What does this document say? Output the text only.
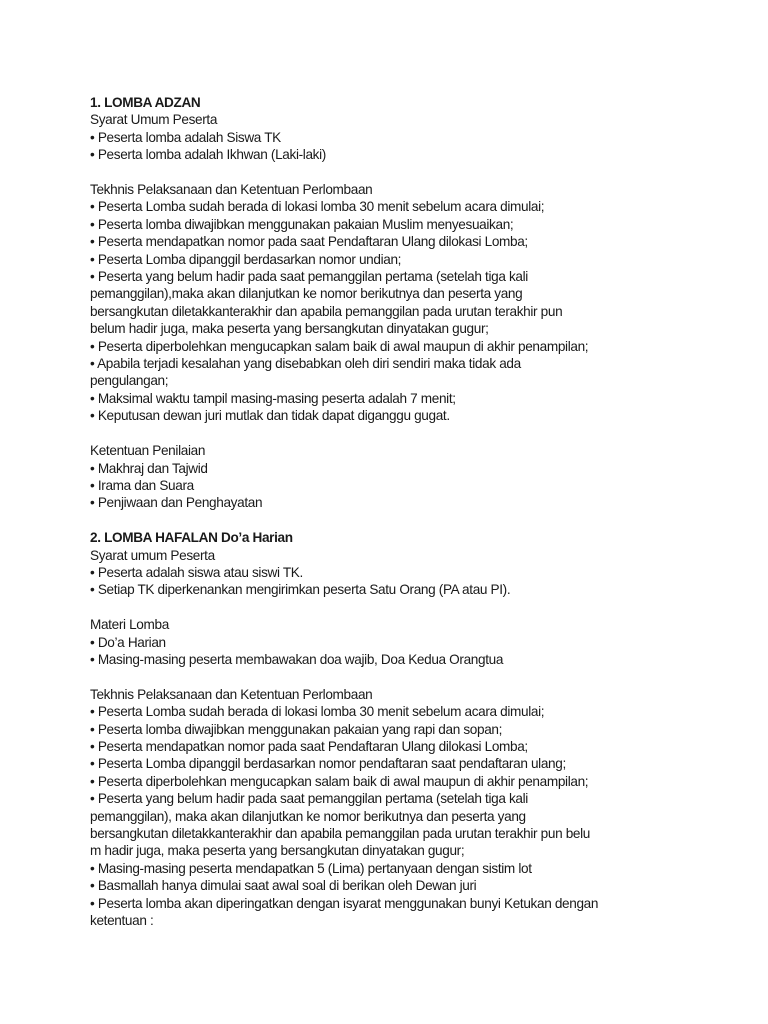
1. LOMBA ADZAN

Syarat Umum Peserta

• Peserta lomba adalah Siswa TK

• Peserta lomba adalah Ikhwan (Laki-laki)

Tekhnis Pelaksanaan dan Ketentuan Perlombaan

• Peserta Lomba sudah berada di lokasi lomba 30 menit sebelum acara dimulai;

• Peserta lomba diwajibkan menggunakan pakaian Muslim menyesuaikan;

• Peserta mendapatkan nomor pada saat Pendaftaran Ulang dilokasi Lomba;

• Peserta Lomba dipanggil berdasarkan nomor undian;

• Peserta yang belum hadir pada saat pemanggilan pertama (setelah tiga kali

pemanggilan),maka akan dilanjutkan ke nomor berikutnya dan peserta yang

bersangkutan diletakkanterakhir dan apabila pemanggilan pada urutan terakhir pun

belum hadir juga, maka peserta yang bersangkutan dinyatakan gugur;

• Peserta diperbolehkan mengucapkan salam baik di awal maupun di akhir penampilan;

• Apabila terjadi kesalahan yang disebabkan oleh diri sendiri maka tidak ada

pengulangan;

• Maksimal waktu tampil masing-masing peserta adalah 7 menit;

• Keputusan dewan juri mutlak dan tidak dapat diganggu gugat.

Ketentuan Penilaian

• Makhraj dan Tajwid

• Irama dan Suara

• Penjiwaan dan Penghayatan

2. LOMBA HAFALAN Do’a Harian

Syarat umum Peserta

• Peserta adalah siswa atau siswi TK.

• Setiap TK diperkenankan mengirimkan peserta Satu Orang (PA atau PI).

Materi Lomba

• Do’a Harian

• Masing-masing peserta membawakan doa wajib, Doa Kedua Orangtua

Tekhnis Pelaksanaan dan Ketentuan Perlombaan

• Peserta Lomba sudah berada di lokasi lomba 30 menit sebelum acara dimulai;

• Peserta lomba diwajibkan menggunakan pakaian yang rapi dan sopan;

• Peserta mendapatkan nomor pada saat Pendaftaran Ulang dilokasi Lomba;

• Peserta Lomba dipanggil berdasarkan nomor pendaftaran saat pendaftaran ulang;

• Peserta diperbolehkan mengucapkan salam baik di awal maupun di akhir penampilan;

• Peserta yang belum hadir pada saat pemanggilan pertama (setelah tiga kali

pemanggilan), maka akan dilanjutkan ke nomor berikutnya dan peserta yang

bersangkutan diletakkanterakhir dan apabila pemanggilan pada urutan terakhir pun belu

m hadir juga, maka peserta yang bersangkutan dinyatakan gugur;

• Masing-masing peserta mendapatkan 5 (Lima) pertanyaan dengan sistim lot

• Basmallah hanya dimulai saat awal soal di berikan oleh Dewan juri

• Peserta lomba akan diperingatkan dengan isyarat menggunakan bunyi Ketukan dengan

ketentuan :
